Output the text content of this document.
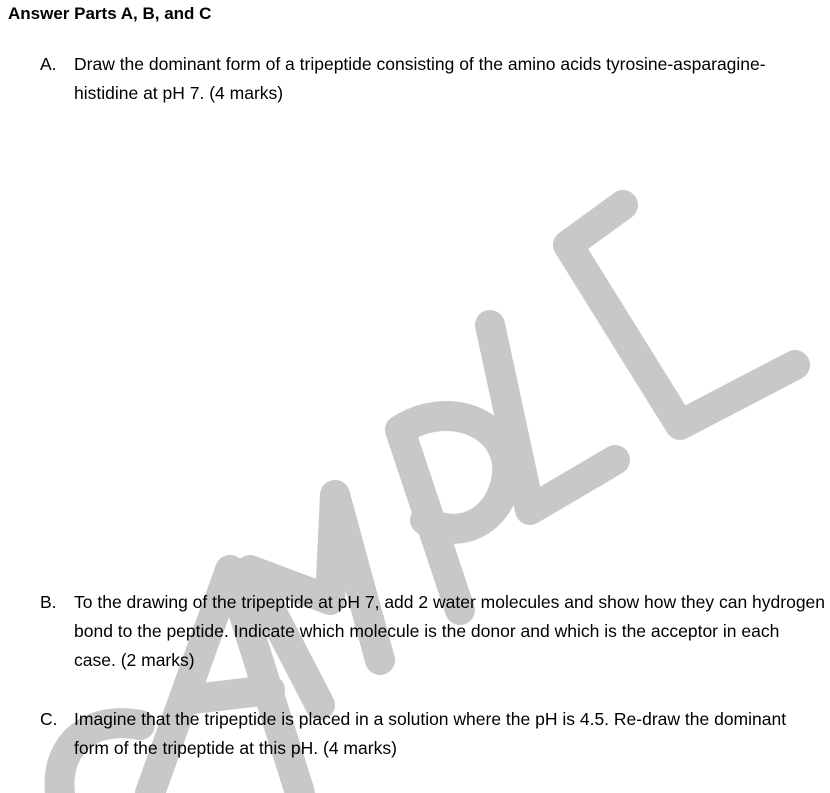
Answer Parts A, B, and C
A. Draw the dominant form of a tripeptide consisting of the amino acids tyrosine-asparagine-histidine at pH 7. (4 marks)

B. To the drawing of the tripeptide at pH 7, add 2 water molecules and show how they can hydrogen bond to the peptide. Indicate which molecule is the donor and which is the acceptor in each case. (2 marks)

C. Imagine that the tripeptide is placed in a solution where the pH is 4.5. Re-draw the dominant form of the tripeptide at this pH. (4 marks)
